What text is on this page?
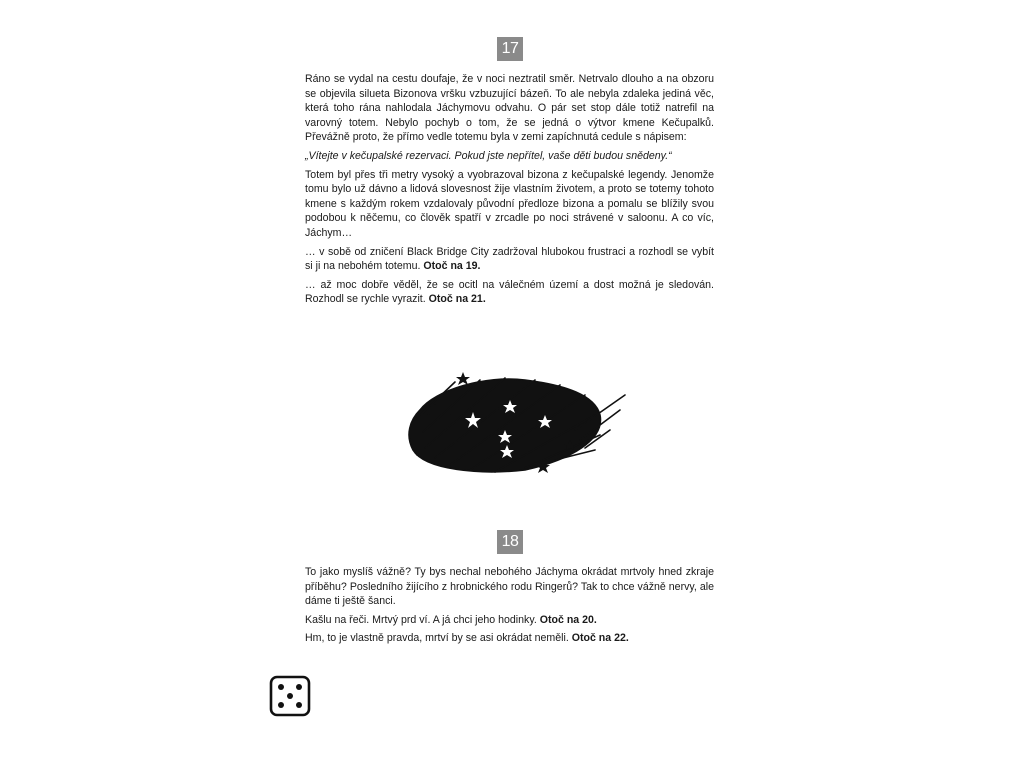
17

Ráno se vydal na cestu doufaje, že v noci neztratil směr. Netrvalo dlouho a na obzoru se objevila silueta Bizonova vršku vzbuzující bázeň. To ale nebyla zdaleka jediná věc, která toho rána nahlodala Jáchymovu odvahu. O pár set stop dále totiž natrefil na varovný totem. Nebylo pochyb o tom, že se jedná o výtvor kmene Kečupalků. Převážně proto, že přímo vedle totemu byla v zemi zapíchnutá cedule s nápisem:

„Vítejte v kečupalské rezervaci. Pokud jste nepřítel, vaše děti budou snědeny.“

Totem byl přes tři metry vysoký a vyobrazoval bizona z kečupalské legendy. Jenomže tomu bylo už dávno a lidová slovesnost žije vlastním životem, a proto se totemy tohoto kmene s každým rokem vzdalovaly původní předloze bizona a pomalu se blížily svou podobou k něčemu, co člověk spatří v zrcadle po noci strávené v saloonu. A co víc, Jáchym…

… v sobě od zničení Black Bridge City zadržoval hlubokou frustraci a rozhodl se vybít si ji na nebohém totemu. Otoč na 19.

… až moc dobře věděl, že se ocitl na válečném území a dost možná je sledován. Rozhodl se rychle vyrazit. Otoč na 21.

18

To jako myslíš vážně? Ty bys nechal nebohého Jáchyma okrádat mrtvoly hned zkraje příběhu? Posledního žijícího z hrobnického rodu Ringerů? Tak to chce vážně nervy, ale dáme ti ještě šanci.

Kašlu na řeči. Mrtvý prd ví. A já chci jeho hodinky. Otoč na 20.

Hm, to je vlastně pravda, mrtví by se asi okrádat neměli. Otoč na 22.
